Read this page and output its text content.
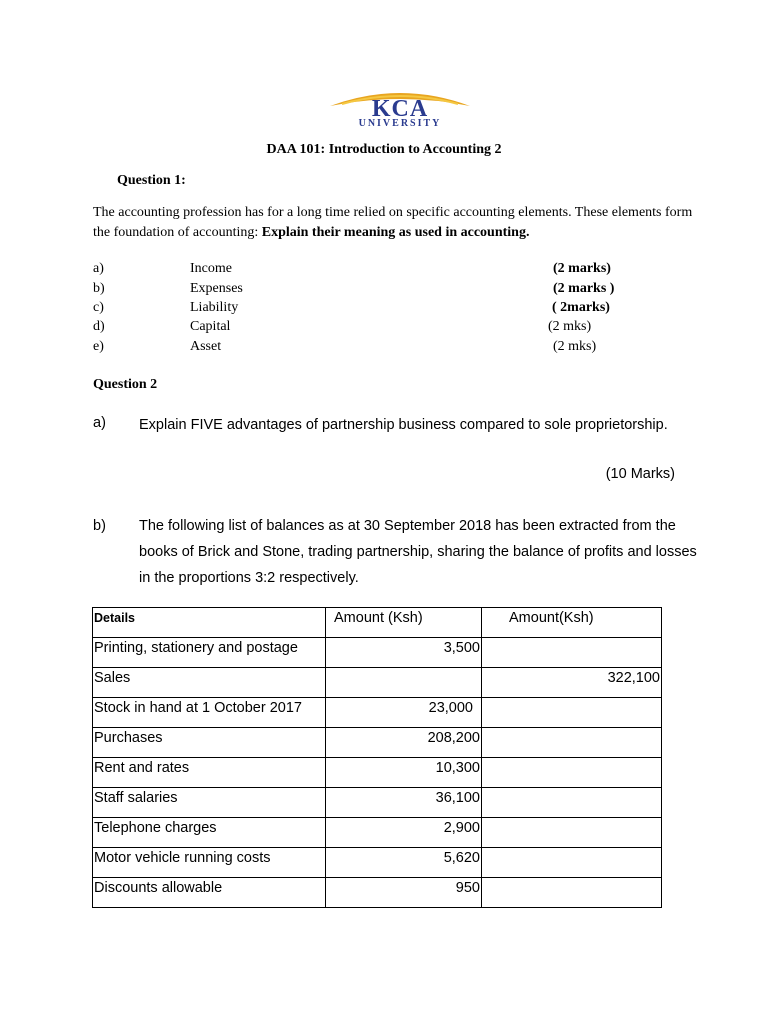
KCA
UNIVERSITY
DAA 101: Introduction to Accounting 2
Question 1:
The accounting profession has for a long time relied on specific accounting elements. These elements form the foundation of accounting: Explain their meaning as used in accounting.
a)	Income	(2 marks)
b)	Expenses	(2 marks )
c)	Liability	( 2marks)
d)	Capital	(2 mks)
e)	Asset	(2 mks)
Question 2
a) Explain FIVE advantages of partnership business compared to sole proprietorship.
(10 Marks)
b) The following list of balances as at 30 September 2018 has been extracted from the books of Brick and Stone, trading partnership, sharing the balance of profits and losses in the proportions 3:2 respectively.
Details	Amount (Ksh)	Amount(Ksh)
Printing, stationery and postage	3,500	
Sales		322,100
Stock in hand at 1 October 2017	23,000	
Purchases	208,200	
Rent and rates	10,300	
Staff salaries	36,100	
Telephone charges	2,900	
Motor vehicle running costs	5,620	
Discounts allowable	950	
